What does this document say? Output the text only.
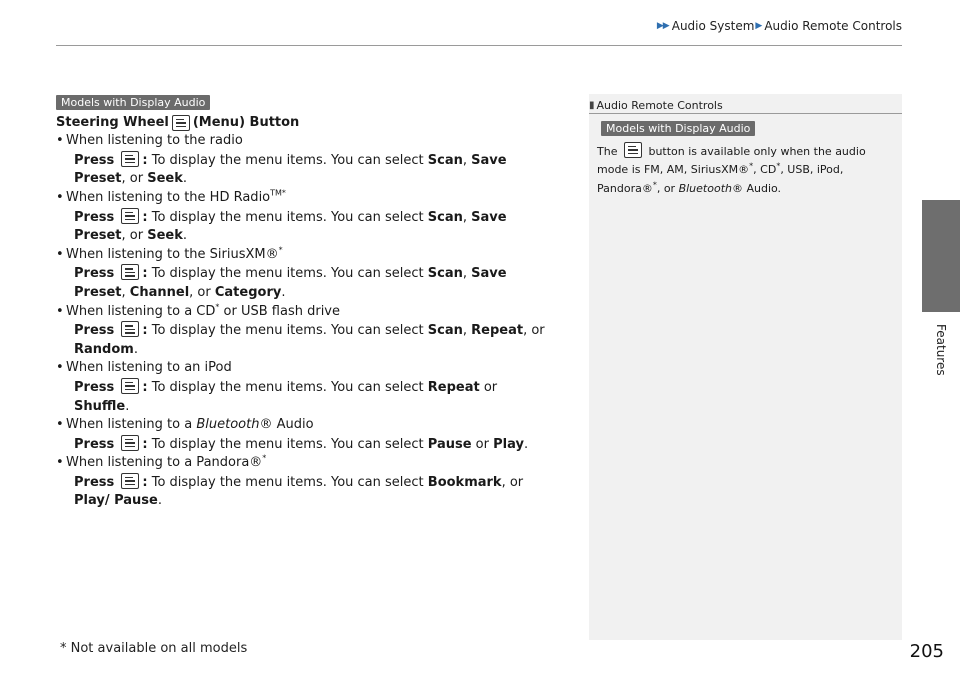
▶▶ Audio System ▶ Audio Remote Controls
Features
Models with Display Audio
Steering Wheel (Menu) Button
• When listening to the radio
Press : To display the menu items. You can select Scan, Save Preset, or Seek.
• When listening to the HD Radio$^{TM*}$
Press : To display the menu items. You can select Scan, Save Preset, or Seek.
• When listening to the SiriusXM®*
Press : To display the menu items. You can select Scan, Save Preset, Channel, or Category.
• When listening to a CD* or USB flash drive
Press : To display the menu items. You can select Scan, Repeat, or Random.
• When listening to an iPod
Press : To display the menu items. You can select Repeat or Shuffle.
• When listening to a Bluetooth® Audio
Press : To display the menu items. You can select Pause or Play.
• When listening to a Pandora®*
Press : To display the menu items. You can select Bookmark, or Play/ Pause.
▮ Audio Remote Controls
Models with Display Audio

The	button is available only when the audio mode is FM, AM, SiriusXM®*, CD*, USB, iPod, Pandora®*, or Bluetooth® Audio.

* Not available on all models	205
